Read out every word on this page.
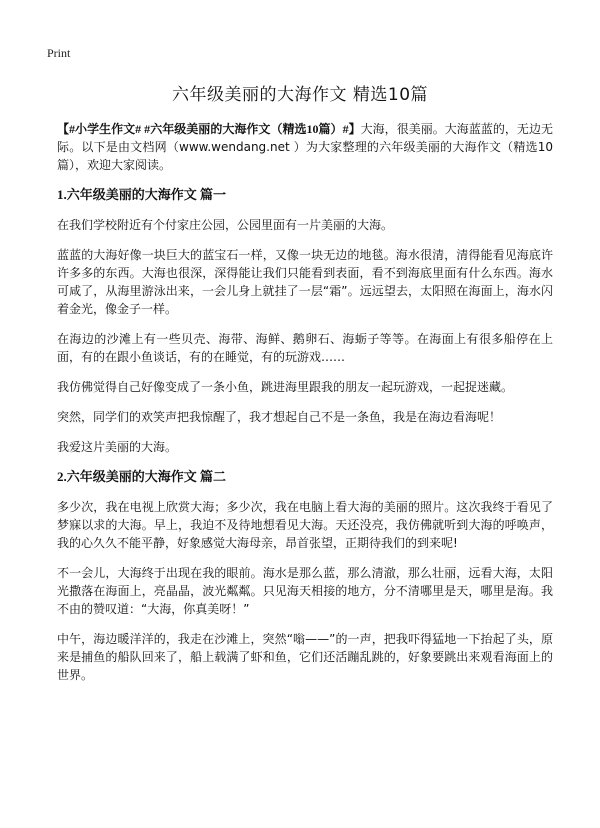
Print
六年级美丽的大海作文 精选10篇

【#小学生作文# #六年级美丽的大海作文（精选10篇）#】大海，很美丽。大海蓝蓝的，无边无际。以下是由文档网（www.wendang.net ）为大家整理的六年级美丽的大海作文（精选10篇），欢迎大家阅读。

1.六年级美丽的大海作文 篇一

在我们学校附近有个付家庄公园，公园里面有一片美丽的大海。

蓝蓝的大海好像一块巨大的蓝宝石一样，又像一块无边的地毯。海水很清，清得能看见海底许许多多的东西。大海也很深，深得能让我们只能看到表面，看不到海底里面有什么东西。海水可咸了，从海里游泳出来，一会儿身上就挂了一层“霜”。远远望去，太阳照在海面上，海水闪着金光，像金子一样。

在海边的沙滩上有一些贝壳、海带、海鲜、鹅卵石、海蛎子等等。在海面上有很多船停在上面，有的在跟小鱼谈话，有的在睡觉，有的玩游戏……

我仿佛觉得自己好像变成了一条小鱼，跳进海里跟我的朋友一起玩游戏，一起捉迷藏。

突然，同学们的欢笑声把我惊醒了，我才想起自己不是一条鱼，我是在海边看海呢！

我爱这片美丽的大海。

2.六年级美丽的大海作文 篇二

多少次，我在电视上欣赏大海；多少次，我在电脑上看大海的美丽的照片。这次我终于看见了梦寐以求的大海。早上，我迫不及待地想看见大海。天还没亮，我仿佛就听到大海的呼唤声，我的心久久不能平静，好象感觉大海母亲，昂首张望，正期待我们的到来呢!

不一会儿，大海终于出现在我的眼前。海水是那么蓝，那么清澈，那么壮丽，远看大海，太阳光撒落在海面上，亮晶晶，波光粼粼。只见海天相接的地方，分不清哪里是天，哪里是海。我不由的赞叹道：“大海，你真美呀！”

中午，海边暖洋洋的，我走在沙滩上，突然“嗡——”的一声，把我吓得猛地一下抬起了头，原来是捕鱼的船队回来了，船上载满了虾和鱼，它们还活蹦乱跳的，好象要跳出来观看海面上的世界。
